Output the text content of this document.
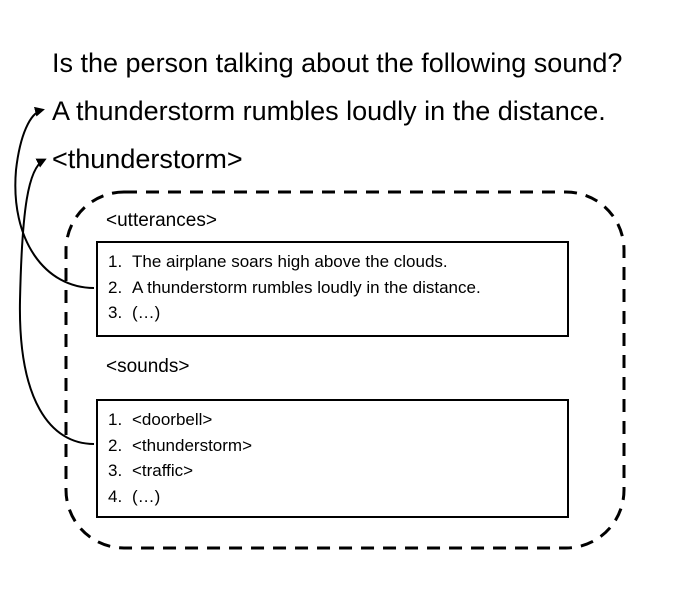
Is the person talking about the following sound?
A thunderstorm rumbles loudly in the distance.
<thunderstorm>
<utterances>
1. The airplane soars high above the clouds.
2. A thunderstorm rumbles loudly in the distance.
3. (…)
<sounds>
1. <doorbell>
2. <thunderstorm>
3. <traffic>
4. (…)
